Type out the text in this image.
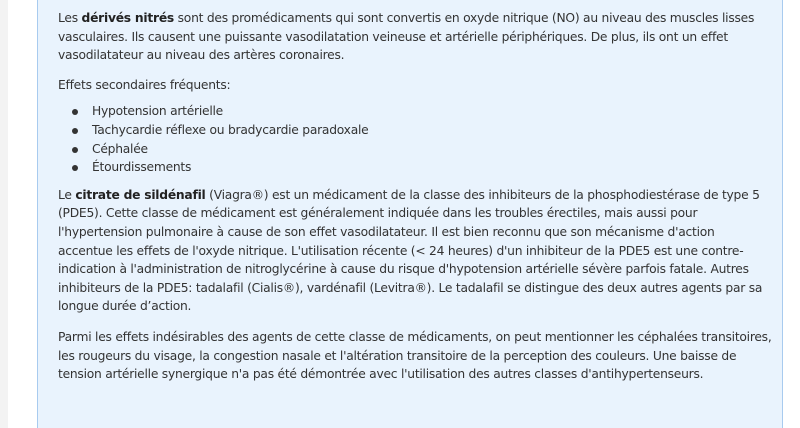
Les dérivés nitrés sont des promédicaments qui sont convertis en oxyde nitrique (NO) au niveau des muscles lisses vasculaires. Ils causent une puissante vasodilatation veineuse et artérielle périphériques. De plus, ils ont un effet vasodilatateur au niveau des artères coronaires.

Effets secondaires fréquents:

Hypotension artérielle
Tachycardie réflexe ou bradycardie paradoxale
Céphalée
Étourdissements

Le citrate de sildénafil (Viagra®) est un médicament de la classe des inhibiteurs de la phosphodiestérase de type 5 (PDE5). Cette classe de médicament est généralement indiquée dans les troubles érectiles, mais aussi pour l'hypertension pulmonaire à cause de son effet vasodilatateur. Il est bien reconnu que son mécanisme d'action accentue les effets de l'oxyde nitrique. L'utilisation récente (< 24 heures) d'un inhibiteur de la PDE5 est une contre-indication à l'administration de nitroglycérine à cause du risque d'hypotension artérielle sévère parfois fatale. Autres inhibiteurs de la PDE5: tadalafil (Cialis®), vardénafil (Levitra®). Le tadalafil se distingue des deux autres agents par sa longue durée d’action.

Parmi les effets indésirables des agents de cette classe de médicaments, on peut mentionner les céphalées transitoires, les rougeurs du visage, la congestion nasale et l'altération transitoire de la perception des couleurs. Une baisse de tension artérielle synergique n'a pas été démontrée avec l'utilisation des autres classes d'antihypertenseurs.
